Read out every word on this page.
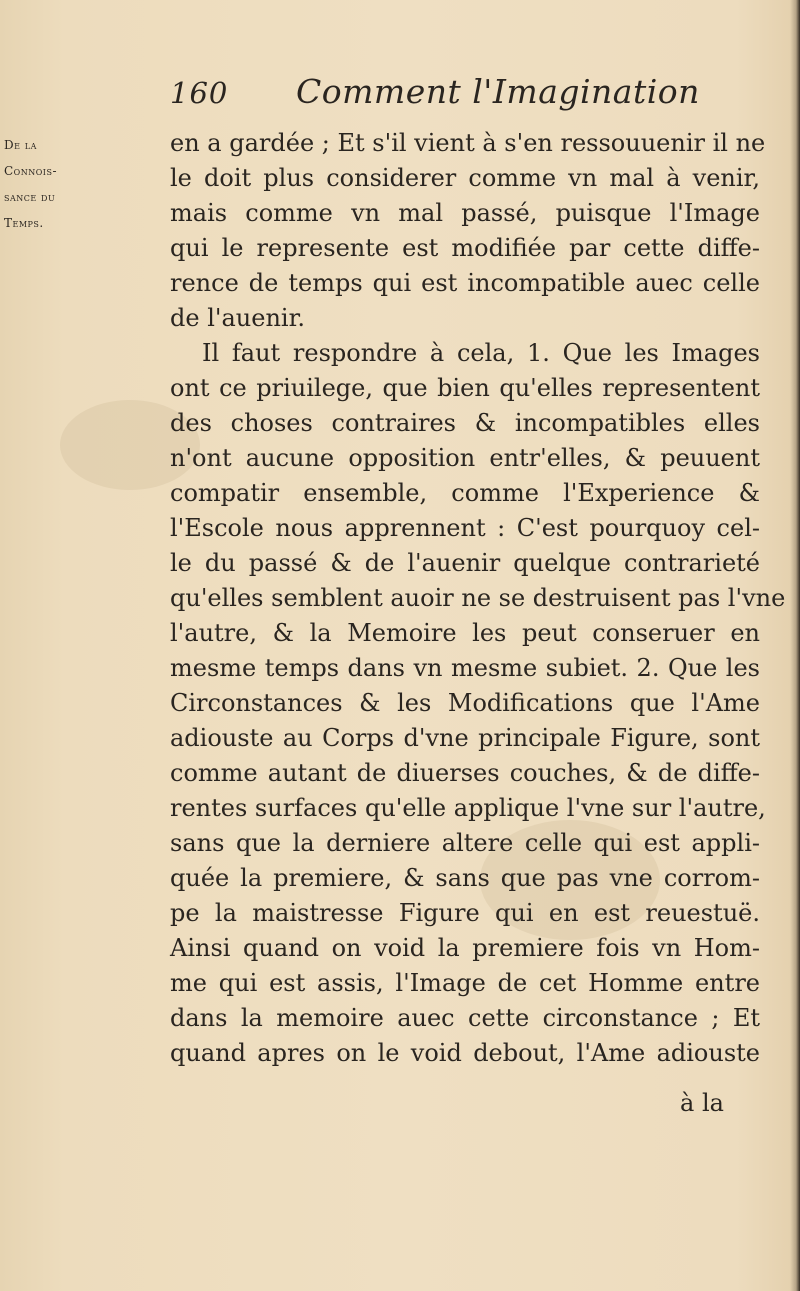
160 Comment l'Imagination
De la
Connois-
sance du
Temps.
en a gardée ; Et s'il vient à s'en ressouuenir il ne
le doit plus considerer comme vn mal à venir,
mais comme vn mal passé, puisque l'Image
qui le represente est modifiée par cette diffe-
rence de temps qui est incompatible auec celle
de l'auenir.
Il faut respondre à cela, 1. Que les Images
ont ce priuilege, que bien qu'elles representent
des choses contraires & incompatibles elles
n'ont aucune opposition entr'elles, & peuuent
compatir ensemble, comme l'Experience &
l'Escole nous apprennent : C'est pourquoy cel-
le du passé & de l'auenir quelque contrarieté
qu'elles semblent auoir ne se destruisent pas l'vne
l'autre, & la Memoire les peut conseruer en
mesme temps dans vn mesme subiet. 2. Que les
Circonstances & les Modifications que l'Ame
adiouste au Corps d'vne principale Figure, sont
comme autant de diuerses couches, & de diffe-
rentes surfaces qu'elle applique l'vne sur l'autre,
sans que la derniere altere celle qui est appli-
quée la premiere, & sans que pas vne corrom-
pe la maistresse Figure qui en est reuestuë.
Ainsi quand on void la premiere fois vn Hom-
me qui est assis, l'Image de cet Homme entre
dans la memoire auec cette circonstance ; Et
quand apres on le void debout, l'Ame adiouste
à la
